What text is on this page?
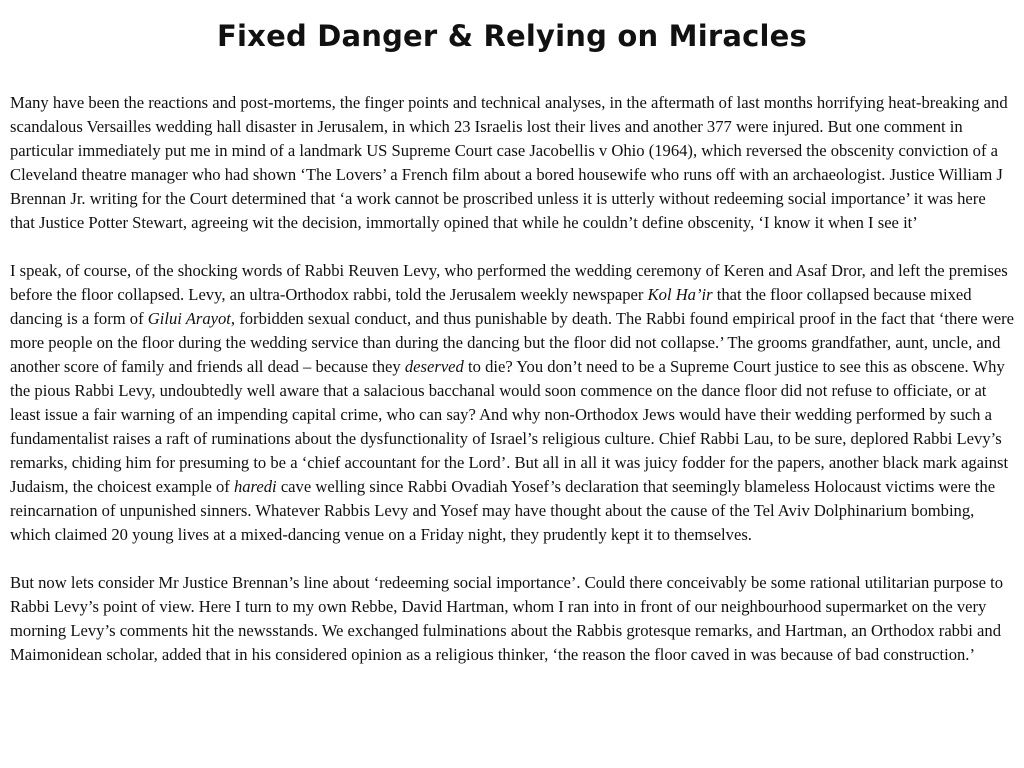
Fixed Danger & Relying on Miracles

Many have been the reactions and post-mortems, the finger points and technical analyses, in the aftermath of last months horrifying heat-breaking and scandalous Versailles wedding hall disaster in Jerusalem, in which 23 Israelis lost their lives and another 377 were injured. But one comment in particular immediately put me in mind of a landmark US Supreme Court case Jacobellis v Ohio (1964), which reversed the obscenity conviction of a Cleveland theatre manager who had shown ‘The Lovers’ a French film about a bored housewife who runs off with an archaeologist. Justice William J Brennan Jr. writing for the Court determined that ‘a work cannot be proscribed unless it is utterly without redeeming social importance’ it was here that Justice Potter Stewart, agreeing wit the decision, immortally opined that while he couldn’t define obscenity, ‘I know it when I see it’

I speak, of course, of the shocking words of Rabbi Reuven Levy, who performed the wedding ceremony of Keren and Asaf Dror, and left the premises before the floor collapsed. Levy, an ultra-Orthodox rabbi, told the Jerusalem weekly newspaper Kol Ha’ir that the floor collapsed because mixed dancing is a form of Gilui Arayot, forbidden sexual conduct, and thus punishable by death. The Rabbi found empirical proof in the fact that ‘there were more people on the floor during the wedding service than during the dancing but the floor did not collapse.’ The grooms grandfather, aunt, uncle, and another score of family and friends all dead – because they deserved to die? You don’t need to be a Supreme Court justice to see this as obscene. Why the pious Rabbi Levy, undoubtedly well aware that a salacious bacchanal would soon commence on the dance floor did not refuse to officiate, or at least issue a fair warning of an impending capital crime, who can say? And why non-Orthodox Jews would have their wedding performed by such a fundamentalist raises a raft of ruminations about the dysfunctionality of Israel’s religious culture. Chief Rabbi Lau, to be sure, deplored Rabbi Levy’s remarks, chiding him for presuming to be a ‘chief accountant for the Lord’. But all in all it was juicy fodder for the papers, another black mark against Judaism, the choicest example of haredi cave welling since Rabbi Ovadiah Yosef’s declaration that seemingly blameless Holocaust victims were the reincarnation of unpunished sinners. Whatever Rabbis Levy and Yosef may have thought about the cause of the Tel Aviv Dolphinarium bombing, which claimed 20 young lives at a mixed-dancing venue on a Friday night, they prudently kept it to themselves.

But now lets consider Mr Justice Brennan’s line about ‘redeeming social importance’. Could there conceivably be some rational utilitarian purpose to Rabbi Levy’s point of view. Here I turn to my own Rebbe, David Hartman, whom I ran into in front of our neighbourhood supermarket on the very morning Levy’s comments hit the newsstands. We exchanged fulminations about the Rabbis grotesque remarks, and Hartman, an Orthodox rabbi and Maimonidean scholar, added that in his considered opinion as a religious thinker, ‘the reason the floor caved in was because of bad construction.’
